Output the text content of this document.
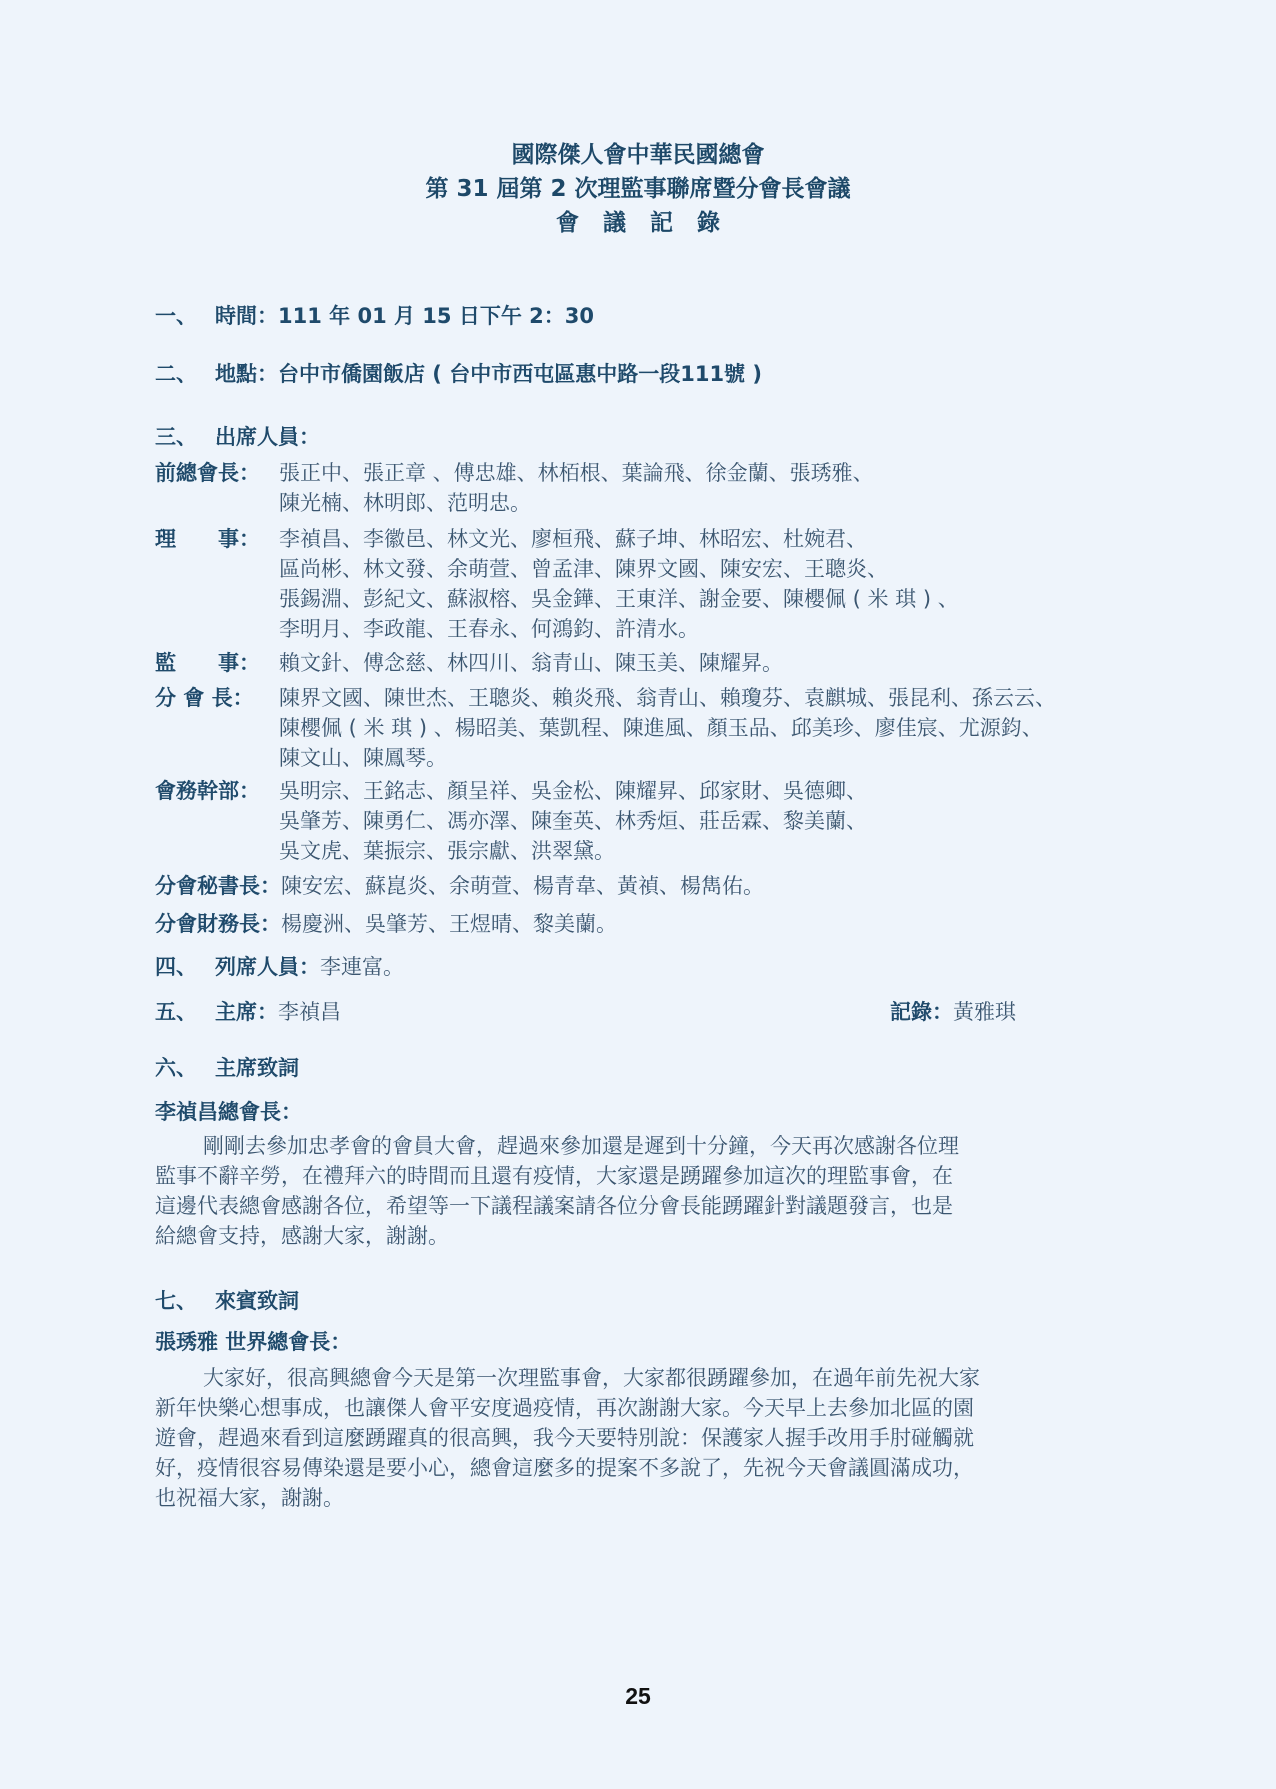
國際傑人會中華民國總會
第 31 屆第 2 次理監事聯席暨分會長會議
會議記錄
一、 時間：111 年 01 月 15 日下午 2：30
二、 地點：台中市僑園飯店 ( 台中市西屯區惠中路一段111號 )
三、 出席人員：
前總會長： 張正中、張正章 、傅忠雄、林栢根、葉論飛、徐金蘭、張琇雅、
陳光楠、林明郎、范明忠。
理　　事： 李禎昌、李徽邑、林文光、廖桓飛、蘇子坤、林昭宏、杜婉君、
區尚彬、林文發、余萌萱、曾孟津、陳界文國、陳安宏、王聰炎、
張錫淵、彭紀文、蘇淑榕、吳金鏵、王東洋、謝金要、陳櫻佩 ( 米 琪 ) 、
李明月、李政龍、王春永、何鴻鈞、許清水。
監　　事： 賴文針、傅念慈、林四川、翁青山、陳玉美、陳耀昇。
分 會 長： 陳界文國、陳世杰、王聰炎、賴炎飛、翁青山、賴瓊芬、袁麒城、張昆利、孫云云、
陳櫻佩 ( 米 琪 ) 、楊昭美、葉凱程、陳進風、顏玉品、邱美珍、廖佳宸、尤源鈞、
陳文山、陳鳳琴。
會務幹部： 吳明宗、王銘志、顏呈祥、吳金松、陳耀昇、邱家財、吳德卿、
吳肇芳、陳勇仁、馮亦澤、陳奎英、林秀烜、莊岳霖、黎美蘭、
吳文虎、葉振宗、張宗獻、洪翠黛。
分會秘書長：陳安宏、蘇崑炎、余萌萱、楊青韋、黃禎、楊雋佑。
分會財務長：楊慶洲、吳肇芳、王煜晴、黎美蘭。
四、 列席人員：李連富。
五、 主席：李禎昌	記錄：黃雅琪
六、 主席致詞
李禎昌總會長：
剛剛去參加忠孝會的會員大會，趕過來參加還是遲到十分鐘，今天再次感謝各位理
監事不辭辛勞，在禮拜六的時間而且還有疫情，大家還是踴躍參加這次的理監事會，在
這邊代表總會感謝各位，希望等一下議程議案請各位分會長能踴躍針對議題發言，也是
給總會支持，感謝大家，謝謝。
七、 來賓致詞
張琇雅 世界總會長：
大家好，很高興總會今天是第一次理監事會，大家都很踴躍參加，在過年前先祝大家
新年快樂心想事成，也讓傑人會平安度過疫情，再次謝謝大家。今天早上去參加北區的園
遊會，趕過來看到這麼踴躍真的很高興，我今天要特別說：保護家人握手改用手肘碰觸就
好，疫情很容易傳染還是要小心，總會這麼多的提案不多說了，先祝今天會議圓滿成功，
也祝福大家，謝謝。
25
